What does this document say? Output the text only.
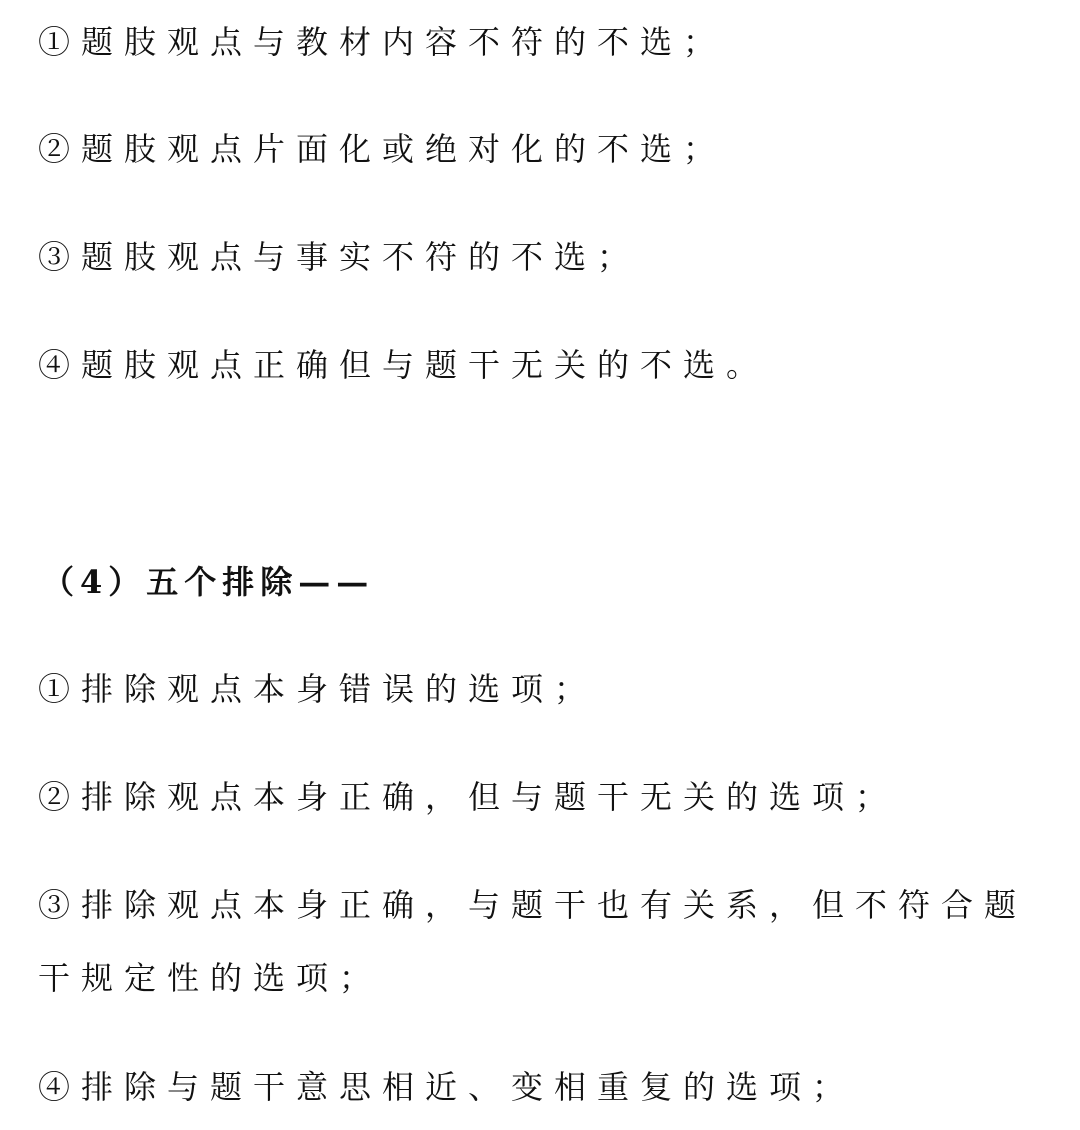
①题肢观点与教材内容不符的不选；
②题肢观点片面化或绝对化的不选；
③题肢观点与事实不符的不选；
④题肢观点正确但与题干无关的不选。
（4）五个排除——
①排除观点本身错误的选项；
②排除观点本身正确，但与题干无关的选项；
③排除观点本身正确，与题干也有关系，但不符合题
干规定性的选项；
④排除与题干意思相近、变相重复的选项；
